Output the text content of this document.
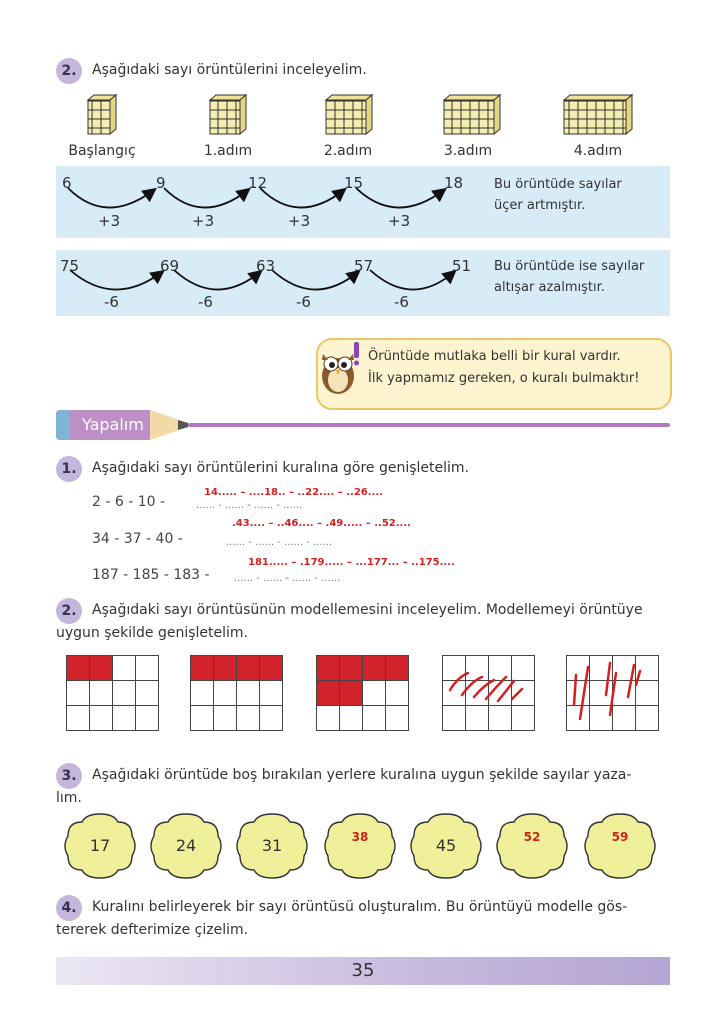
2.	Aşağıdaki sayı örüntülerini inceleyelim.
Başlangıç	1.adım	2.adım	3.adım	4.adım
6	9	12	15	18
+3	+3	+3	+3
Bu örüntüde sayılar
üçer artmıştır.
75	69	63	57	51
-6	-6	-6	-6
Bu örüntüde ise sayılar
altışar azalmıştır.
Örüntüde mutlaka belli bir kural vardır.
İlk yapmamız gereken, o kuralı bulmaktır!
Yapalım
1.	Aşağıdaki sayı örüntülerini kuralına göre genişletelim.
2 - 6 - 10 -
14..... – ....18.. – ..22.... – ..26....
...... - ...... - ...... - ......
34 - 37 - 40 -
.43.... – ..46.... – .49..... – ..52....
...... - ...... - ...... - ......
187 - 185 - 183 -
181..... – .179..... – ...177... – ..175....
...... - ...... - ...... - ......
2.	Aşağıdaki sayı örüntüsünün modellemesini inceleyelim. Modellemeyi örüntüye
uygun şekilde genişletelim.

3.	Aşağıdaki örüntüde boş bırakılan yerlere kuralına uygun şekilde sayılar yaza-
lım.
17	24	31	38	45	52	59
4.	Kuralını belirleyerek bir sayı örüntüsü oluşturalım. Bu örüntüyü modelle gös-
tererek defterimize çizelim.
35
